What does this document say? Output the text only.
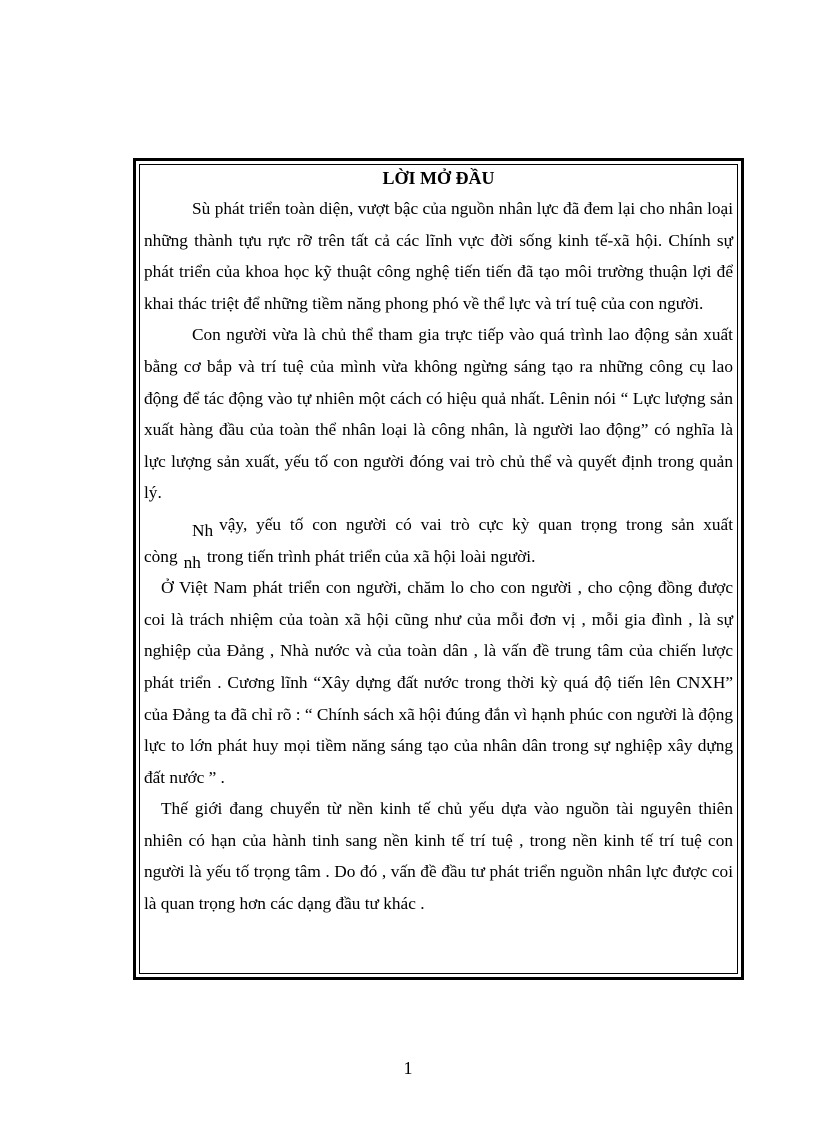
LỜI MỞ ĐẦU

Sù phát triển toàn diện, vượt bậc của nguồn nhân lực đã đem lại cho nhân loại những thành tựu rực rỡ trên tất cả các lĩnh vực đời sống kinh tế-xã hội. Chính sự phát triển của khoa học kỹ thuật công nghệ tiến tiến đã tạo môi trường thuận lợi để khai thác triệt để những tiềm năng phong phó về thể lực và trí tuệ của con người.

Con người vừa là chủ thể tham gia trực tiếp vào quá trình lao động sản xuất bằng cơ bắp và trí tuệ của mình vừa không ngừng sáng tạo ra những công cụ lao động để tác động vào tự nhiên một cách có hiệu quả nhất. Lênin nói “ Lực lượng sản xuất hàng đầu của toàn thể nhân loại là công nhân, là người lao động” có nghĩa là lực lượng sản xuất, yếu tố con người đóng vai trò chủ thể và quyết định trong quản lý.

Nh vậy, yếu tố con người có vai trò cực kỳ quan trọng trong sản xuất còng nh trong tiến trình phát triển của xã hội loài người.

Ở Việt Nam phát triển con người, chăm lo cho con người , cho cộng đồng được coi là trách nhiệm của toàn xã hội cũng như của mỗi đơn vị , mỗi gia đình , là sự nghiệp của Đảng , Nhà nước và của toàn dân , là vấn đề trung tâm của chiến lược phát triển . Cương lĩnh “Xây dựng đất nước trong thời kỳ quá độ tiến lên CNXH” của Đảng ta đã chỉ rõ : “ Chính sách xã hội đúng đắn vì hạnh phúc con người là động lực to lớn phát huy mọi tiềm năng sáng tạo của nhân dân trong sự nghiệp xây dựng đất nước ” .

Thế giới đang chuyển từ nền kinh tế chủ yếu dựa vào nguồn tài nguyên thiên nhiên có hạn của hành tinh sang nền kinh tế trí tuệ , trong nền kinh tế trí tuệ con người là yếu tố trọng tâm . Do đó , vấn đề đầu tư phát triển nguồn nhân lực được coi là quan trọng hơn các dạng đầu tư khác .

1
